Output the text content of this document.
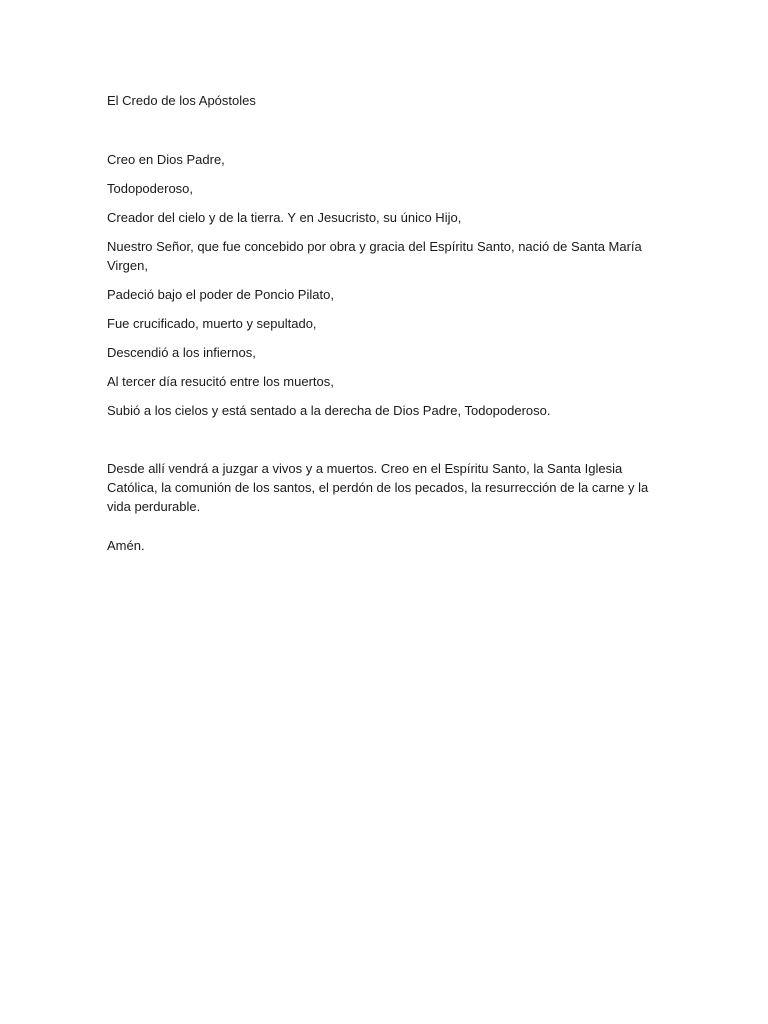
El Credo de los Apóstoles

Creo en Dios Padre,

Todopoderoso,

Creador del cielo y de la tierra. Y en Jesucristo, su único Hijo,

Nuestro Señor, que fue concebido por obra y gracia del Espíritu Santo, nació de Santa María Virgen,

Padeció bajo el poder de Poncio Pilato,

Fue crucificado, muerto y sepultado,

Descendió a los infiernos,

Al tercer día resucitó entre los muertos,

Subió a los cielos y está sentado a la derecha de Dios Padre, Todopoderoso.

Desde allí vendrá a juzgar a vivos y a muertos. Creo en el Espíritu Santo, la Santa Iglesia Católica, la comunión de los santos, el perdón de los pecados, la resurrección de la carne y la vida perdurable.

Amén.
